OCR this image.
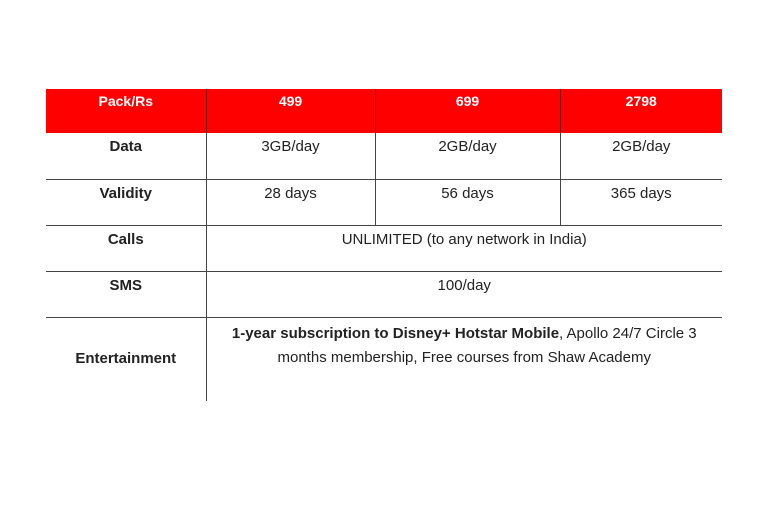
Pack/Rs	499	699	2798
Data	3GB/day	2GB/day	2GB/day
Validity	28 days	56 days	365 days
Calls	UNLIMITED (to any network in India)		
SMS	100/day		
Entertainment	1-year subscription to Disney+ Hotstar Mobile, Apollo 24/7 Circle 3 months membership, Free courses from Shaw Academy		
